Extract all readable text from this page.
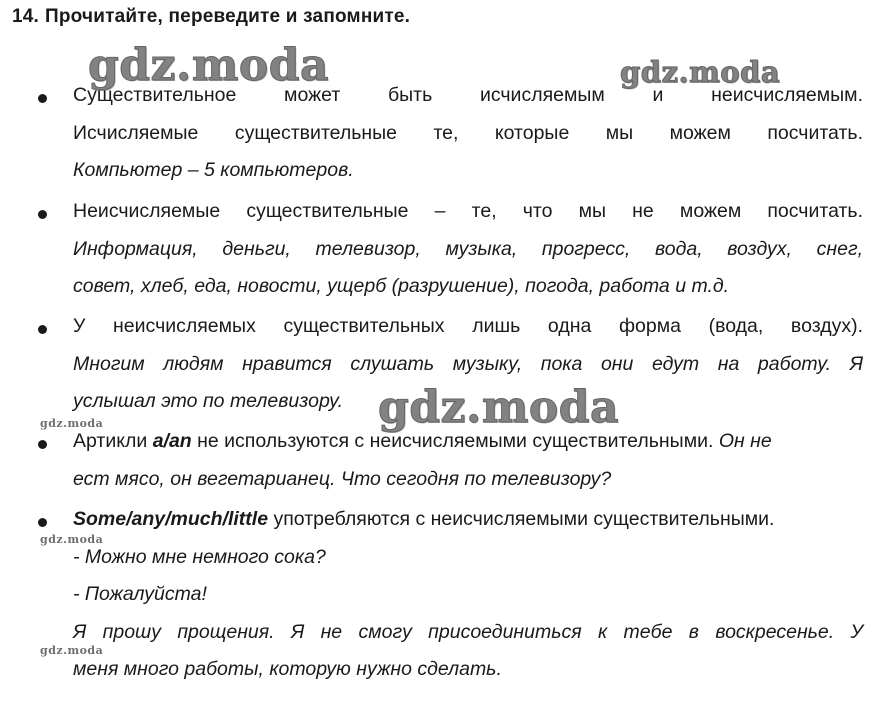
14. Прочитайте, переведите и запомните.
gdz.moda	gdz.moda
gdz.moda
gdz.moda
gdz.moda
gdz.moda
Существительное может быть исчисляемым и неисчисляемым.
Исчисляемые существительные те, которые мы можем посчитать.
Компьютер – 5 компьютеров.
Неисчисляемые существительные – те, что мы не можем посчитать.
Информация, деньги, телевизор, музыка, прогресс, вода, воздух, снег,
совет, хлеб, еда, новости, ущерб (разрушение), погода, работа и т.д.
У неисчисляемых существительных лишь одна форма (вода, воздух).
Многим людям нравится слушать музыку, пока они едут на работу. Я
услышал это по телевизору.
Артикли a/an не используются с неисчисляемыми существительными. Он не
ест мясо, он вегетарианец. Что сегодня по телевизору?
Some/any/much/little употребляются с неисчисляемыми существительными.
- Можно мне немного сока?
- Пожалуйста!
Я прошу прощения. Я не смогу присоединиться к тебе в воскресенье. У
меня много работы, которую нужно сделать.
